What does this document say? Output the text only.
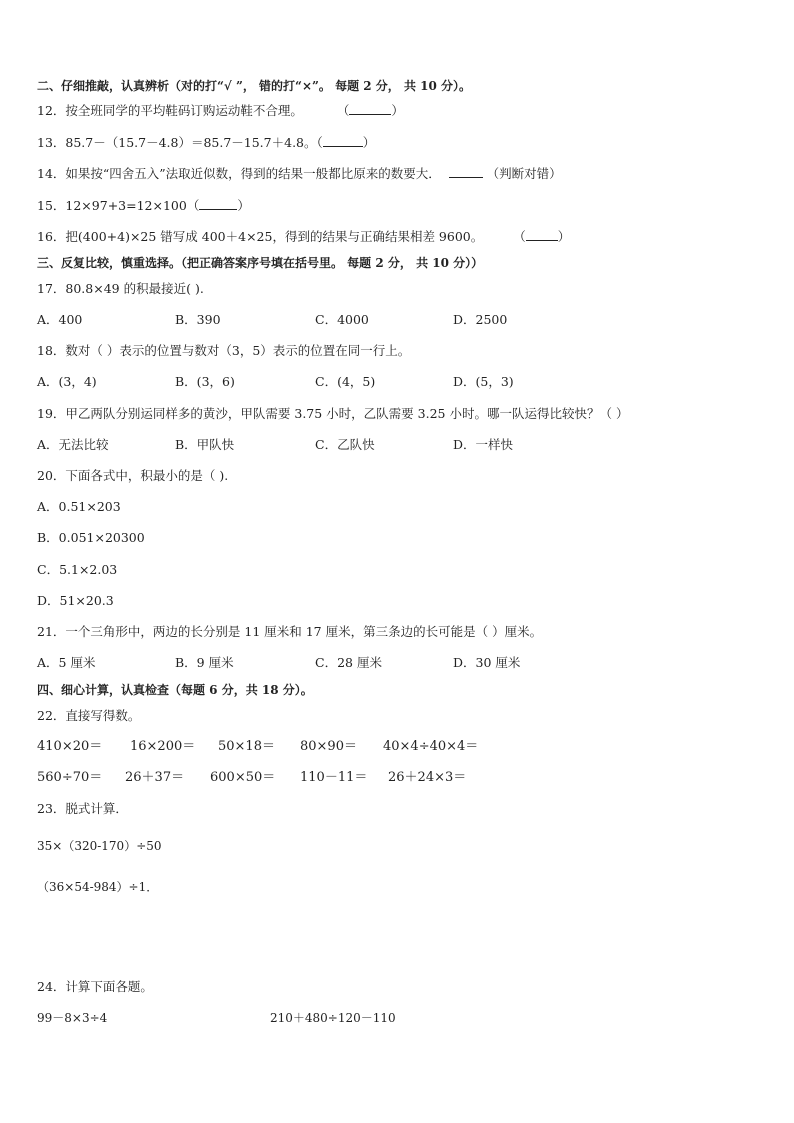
二、仔细推敲，认真辨析（对的打“√ ”， 错的打“×”。 每题 2 分， 共 10 分）。
12．按全班同学的平均鞋码订购运动鞋不合理。	（	）
13．85.7－（15.7－4.8）＝85.7－15.7＋4.8。（	）
14．如果按“四舍五入”法取近似数，得到的结果一般都比原来的数要大．	（判断对错）
15．12×97+3=12×100（	）
16．把(400+4)×25 错写成 400＋4×25，得到的结果与正确结果相差 9600。 （	）
三、反复比较，慎重选择。（把正确答案序号填在括号里。 每题 2 分， 共 10 分））
17．80.8×49 的积最接近( ).
A．400	B．390	C．4000	D．2500
18．数对（ ）表示的位置与数对（3，5）表示的位置在同一行上。
A．(3，4)	B．(3，6)	C．(4，5)	D．(5，3)
19．甲乙两队分别运同样多的黄沙，甲队需要 3.75 小时，乙队需要 3.25 小时。哪一队运得比较快？（ ）
A．无法比较	B．甲队快	C．乙队快	D．一样快
20．下面各式中，积最小的是（ ).
A．0.51×203
B．0.051×20300
C．5.1×2.03
D．51×20.3
21．一个三角形中，两边的长分别是 11 厘米和 17 厘米，第三条边的长可能是（ ）厘米。
A．5 厘米	B．9 厘米	C．28 厘米	D．30 厘米
四、细心计算，认真检查（每题 6 分，共 18 分）。
22．直接写得数。
410×20＝ 16×200＝ 50×18＝ 80×90＝ 40×4÷40×4＝
560÷70＝ 26＋37＝ 600×50＝ 110－11＝ 26＋24×3＝
23．脱式计算．
35×（320-170）÷50
（36×54-984）÷1．
24．计算下面各题。
99－8×3÷4	210＋480÷120－110
